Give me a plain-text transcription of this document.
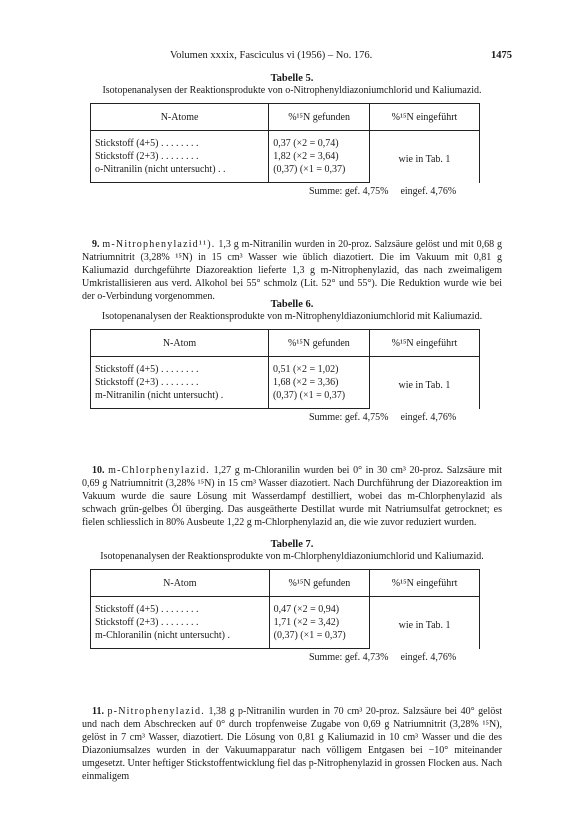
Volumen xxxix, Fasciculus vi (1956) – No. 176.	1475
Tabelle 5.
Isotopenanalysen der Reaktionsprodukte von o-Nitrophenyldiazoniumchlorid und Kaliumazid.
N-Atome	%¹⁵N gefunden	%¹⁵N eingeführt
Stickstoff (4+5) . . . . . . . .	0,37 (×2 = 0,74)	wie in Tab. 1
Stickstoff (2+3) . . . . . . . .	1,82 (×2 = 3,64)	
o-Nitranilin (nicht untersucht) . .	(0,37) (×1 = 0,37)	
Summe: gef. 4,75% eingef. 4,76%
9. m-Nitrophenylazid¹¹). 1,3 g m-Nitranilin wurden in 20-proz. Salzsäure gelöst und mit 0,68 g Natriumnitrit (3,28% ¹⁵N) in 15 cm³ Wasser wie üblich diazotiert. Die im Vakuum mit 0,81 g Kaliumazid durchgeführte Diazoreaktion lieferte 1,3 g m-Nitrophenylazid, das nach zweimaligem Umkristallisieren aus verd. Alkohol bei 55° schmolz (Lit. 52° und 55°). Die Reduktion wurde wie bei der o-Verbindung vorgenommen.
Tabelle 6.
Isotopenanalysen der Reaktionsprodukte von m-Nitrophenyldiazoniumchlorid mit Kaliumazid.
N-Atom	%¹⁵N gefunden	%¹⁵N eingeführt
Stickstoff (4+5) . . . . . . . .	0,51 (×2 = 1,02)	wie in Tab. 1
Stickstoff (2+3) . . . . . . . .	1,68 (×2 = 3,36)	
m-Nitranilin (nicht untersucht) .	(0,37) (×1 = 0,37)	
Summe: gef. 4,75% eingef. 4,76%
10. m-Chlorphenylazid. 1,27 g m-Chloranilin wurden bei 0° in 30 cm³ 20-proz. Salzsäure mit 0,69 g Natriumnitrit (3,28% ¹⁵N) in 15 cm³ Wasser diazotiert. Nach Durchführung der Diazoreaktion im Vakuum wurde die saure Lösung mit Wasserdampf destilliert, wobei das m-Chlorphenylazid als schwach grün-gelbes Öl überging. Das ausgeätherte Destillat wurde mit Natriumsulfat getrocknet; es fielen schliesslich in 80% Ausbeute 1,22 g m-Chlorphenylazid an, die wie zuvor reduziert wurden.
Tabelle 7.
Isotopenanalysen der Reaktionsprodukte von m-Chlorphenyldiazoniumchlorid und Kaliumazid.
N-Atom	%¹⁵N gefunden	%¹⁵N eingeführt
Stickstoff (4+5) . . . . . . . .	0,47 (×2 = 0,94)	wie in Tab. 1
Stickstoff (2+3) . . . . . . . .	1,71 (×2 = 3,42)	
m-Chloranilin (nicht untersucht) .	(0,37) (×1 = 0,37)	
Summe: gef. 4,73% eingef. 4,76%
11. p-Nitrophenylazid. 1,38 g p-Nitranilin wurden in 70 cm³ 20-proz. Salzsäure bei 40° gelöst und nach dem Abschrecken auf 0° durch tropfenweise Zugabe von 0,69 g Natriumnitrit (3,28% ¹⁵N), gelöst in 7 cm³ Wasser, diazotiert. Die Lösung von 0,81 g Kaliumazid in 10 cm³ Wasser und die des Diazoniumsalzes wurden in der Vakuumapparatur nach völligem Entgasen bei −10° miteinander umgesetzt. Unter heftiger Stickstoffentwicklung fiel das p-Nitrophenylazid in grossen Flocken aus. Nach einmaligem
